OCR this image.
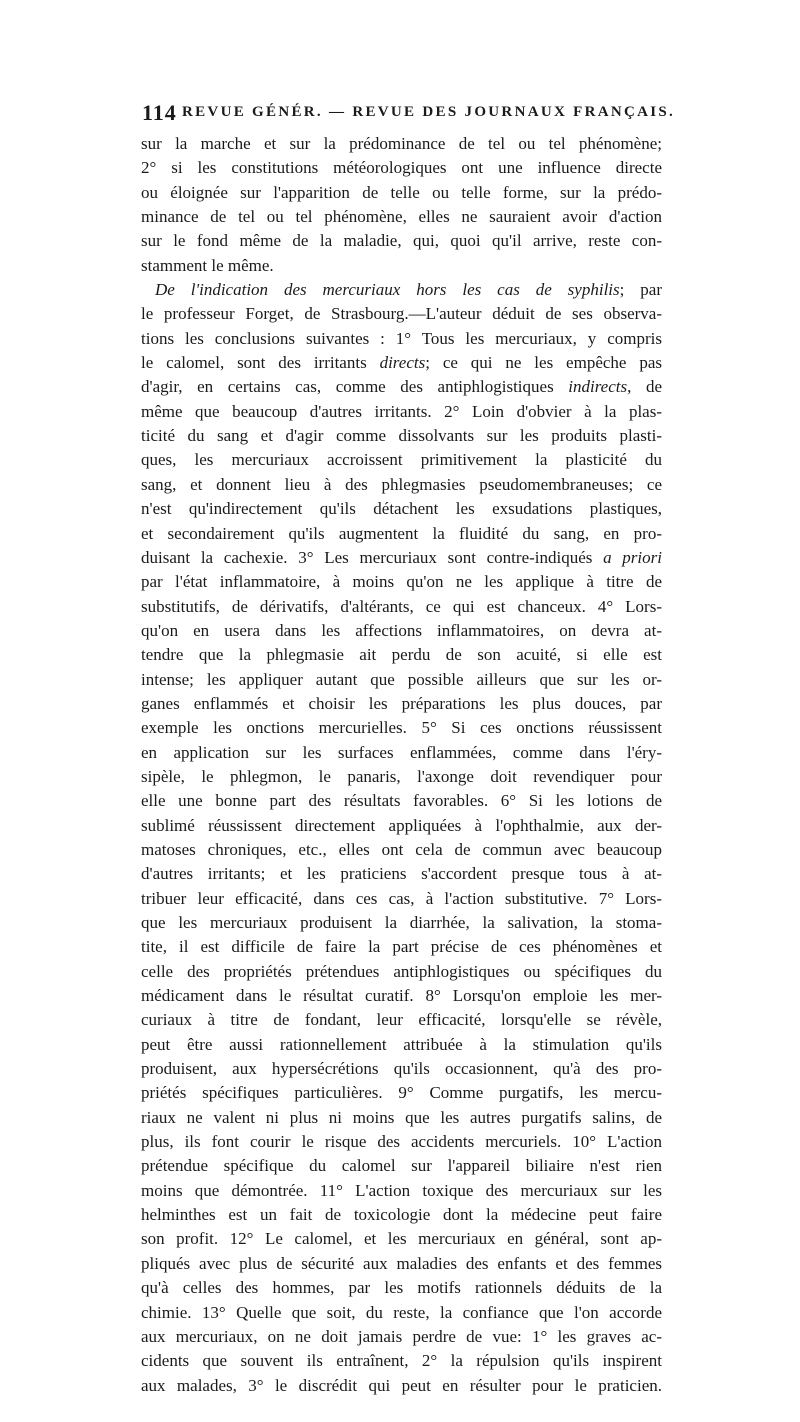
114 REVUE GÉNÉR. — REVUE DES JOURNAUX FRANÇAIS.
sur la marche et sur la prédominance de tel ou tel phénomène;
2° si les constitutions météorologiques ont une influence directe
ou éloignée sur l'apparition de telle ou telle forme, sur la prédo-
minance de tel ou tel phénomène, elles ne sauraient avoir d'action
sur le fond même de la maladie, qui, quoi qu'il arrive, reste con-
stamment le même.
De l'indication des mercuriaux hors les cas de syphilis; par
le professeur Forget, de Strasbourg.—L'auteur déduit de ses observa-
tions les conclusions suivantes : 1° Tous les mercuriaux, y compris
le calomel, sont des irritants directs; ce qui ne les empêche pas
d'agir, en certains cas, comme des antiphlogistiques indirects, de
même que beaucoup d'autres irritants. 2° Loin d'obvier à la plas-
ticité du sang et d'agir comme dissolvants sur les produits plasti-
ques, les mercuriaux accroissent primitivement la plasticité du
sang, et donnent lieu à des phlegmasies pseudomembraneuses; ce
n'est qu'indirectement qu'ils détachent les exsudations plastiques,
et secondairement qu'ils augmentent la fluidité du sang, en pro-
duisant la cachexie. 3° Les mercuriaux sont contre-indiqués a priori
par l'état inflammatoire, à moins qu'on ne les applique à titre de
substitutifs, de dérivatifs, d'altérants, ce qui est chanceux. 4° Lors-
qu'on en usera dans les affections inflammatoires, on devra at-
tendre que la phlegmasie ait perdu de son acuité, si elle est
intense; les appliquer autant que possible ailleurs que sur les or-
ganes enflammés et choisir les préparations les plus douces, par
exemple les onctions mercurielles. 5° Si ces onctions réussissent
en application sur les surfaces enflammées, comme dans l'éry-
sipèle, le phlegmon, le panaris, l'axonge doit revendiquer pour
elle une bonne part des résultats favorables. 6° Si les lotions de
sublimé réussissent directement appliquées à l'ophthalmie, aux der-
matoses chroniques, etc., elles ont cela de commun avec beaucoup
d'autres irritants; et les praticiens s'accordent presque tous à at-
tribuer leur efficacité, dans ces cas, à l'action substitutive. 7° Lors-
que les mercuriaux produisent la diarrhée, la salivation, la stoma-
tite, il est difficile de faire la part précise de ces phénomènes et
celle des propriétés prétendues antiphlogistiques ou spécifiques du
médicament dans le résultat curatif. 8° Lorsqu'on emploie les mer-
curiaux à titre de fondant, leur efficacité, lorsqu'elle se révèle,
peut être aussi rationnellement attribuée à la stimulation qu'ils
produisent, aux hypersécrétions qu'ils occasionnent, qu'à des pro-
priétés spécifiques particulières. 9° Comme purgatifs, les mercu-
riaux ne valent ni plus ni moins que les autres purgatifs salins, de
plus, ils font courir le risque des accidents mercuriels. 10° L'action
prétendue spécifique du calomel sur l'appareil biliaire n'est rien
moins que démontrée. 11° L'action toxique des mercuriaux sur les
helminthes est un fait de toxicologie dont la médecine peut faire
son profit. 12° Le calomel, et les mercuriaux en général, sont ap-
pliqués avec plus de sécurité aux maladies des enfants et des femmes
qu'à celles des hommes, par les motifs rationnels déduits de la
chimie. 13° Quelle que soit, du reste, la confiance que l'on accorde
aux mercuriaux, on ne doit jamais perdre de vue: 1° les graves ac-
cidents que souvent ils entraînent, 2° la répulsion qu'ils inspirent
aux malades, 3° le discrédit qui peut en résulter pour le praticien.
